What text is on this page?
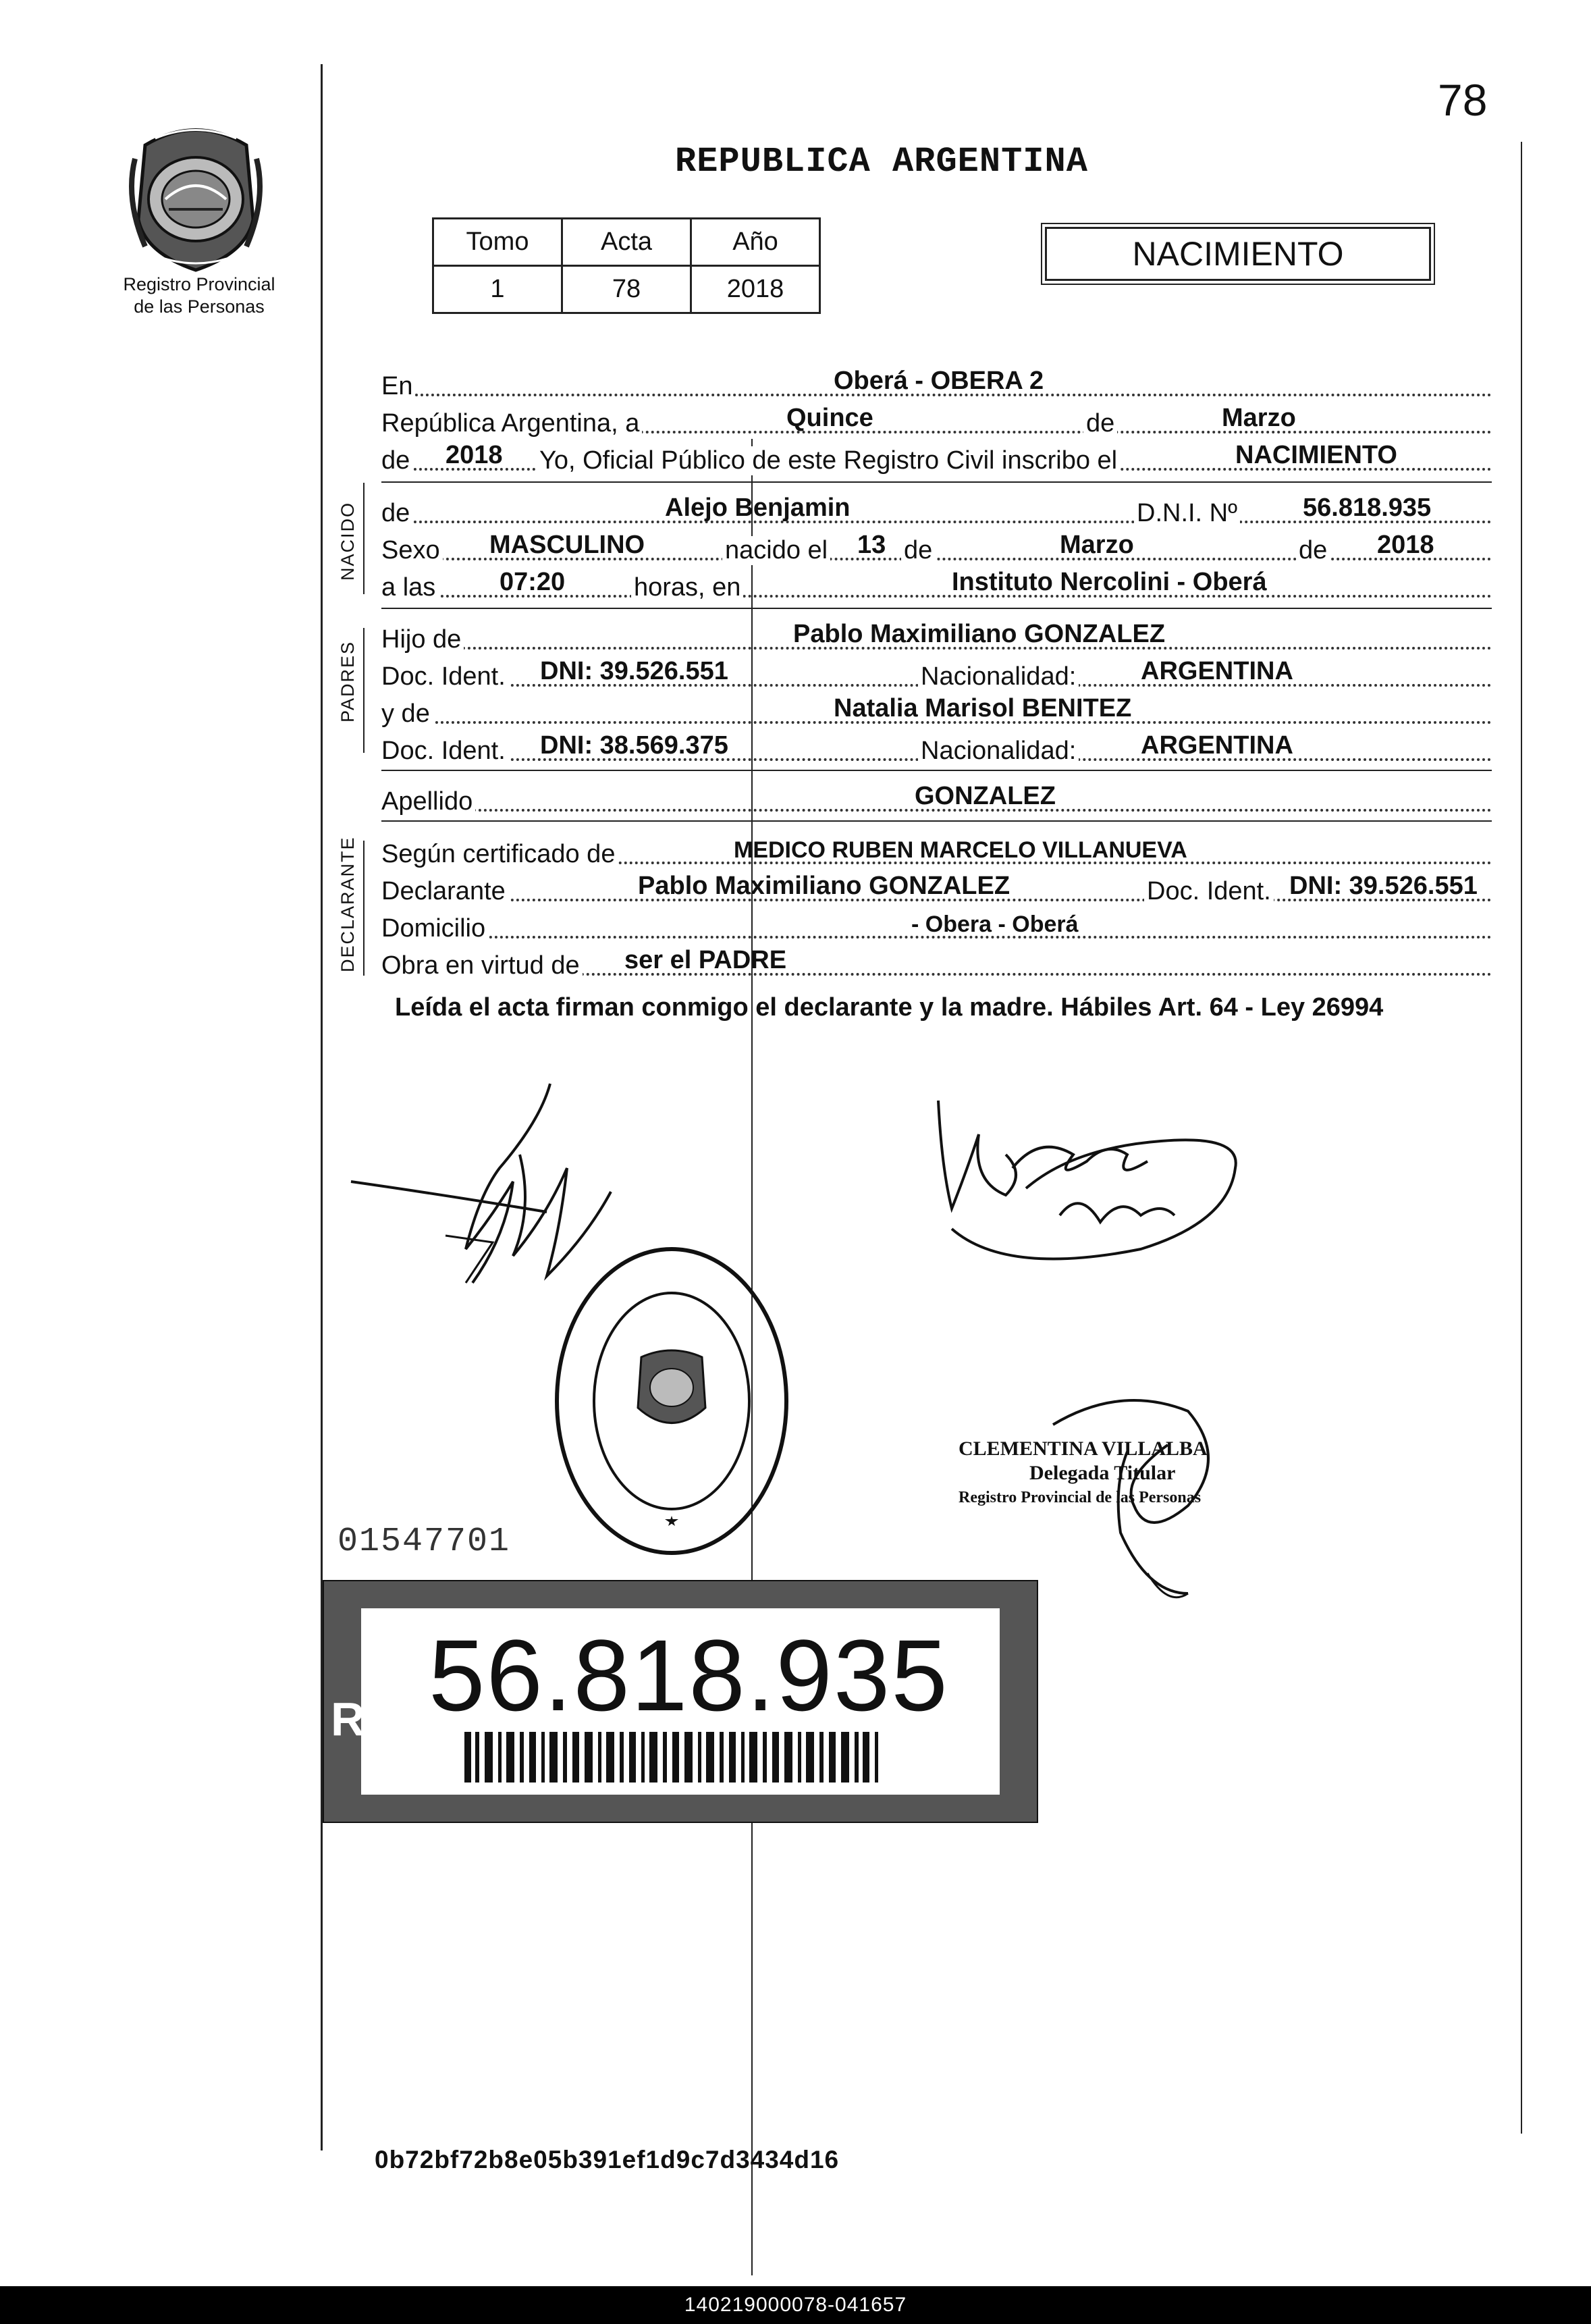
78
Registro Provincial
de las Personas
REPUBLICA ARGENTINA
Tomo	Acta	Año
1	78	2018
NACIMIENTO
NACIDO
PADRES
DECLARANTE
En	Oberá - OBERA 2
República Argentina, a	Quince	de	Marzo
de 2018 Yo, Oficial Público de este Registro Civil inscribo el	NACIMIENTO
de	Alejo Benjamin	D.N.I. Nº	56.818.935
Sexo MASCULINO	nacido el 13 de	Marzo	de 2018
a las 07:20	horas, en	Instituto Nercolini - Oberá
Hijo de	Pablo Maximiliano GONZALEZ
Doc. Ident. DNI: 39.526.551	Nacionalidad:	ARGENTINA
y de	Natalia Marisol BENITEZ
Doc. Ident. DNI: 38.569.375	Nacionalidad:	ARGENTINA
Apellido	GONZALEZ
Según certificado de	MEDICO RUBEN MARCELO VILLANUEVA
Declarante	Pablo Maximiliano GONZALEZ	Doc. Ident. DNI: 39.526.551
Domicilio	- Obera - Oberá
Obra en virtud de ser el PADRE
Leída el acta firman conmigo el declarante y la madre. Hábiles Art. 64 - Ley 26994
CLEMENTINA VILLALBA
Delegada Titular
Registro Provincial de las Personas
01547701
R 56.818.935
0b72bf72b8e05b391ef1d9c7d3434d16
140219000078-041657
